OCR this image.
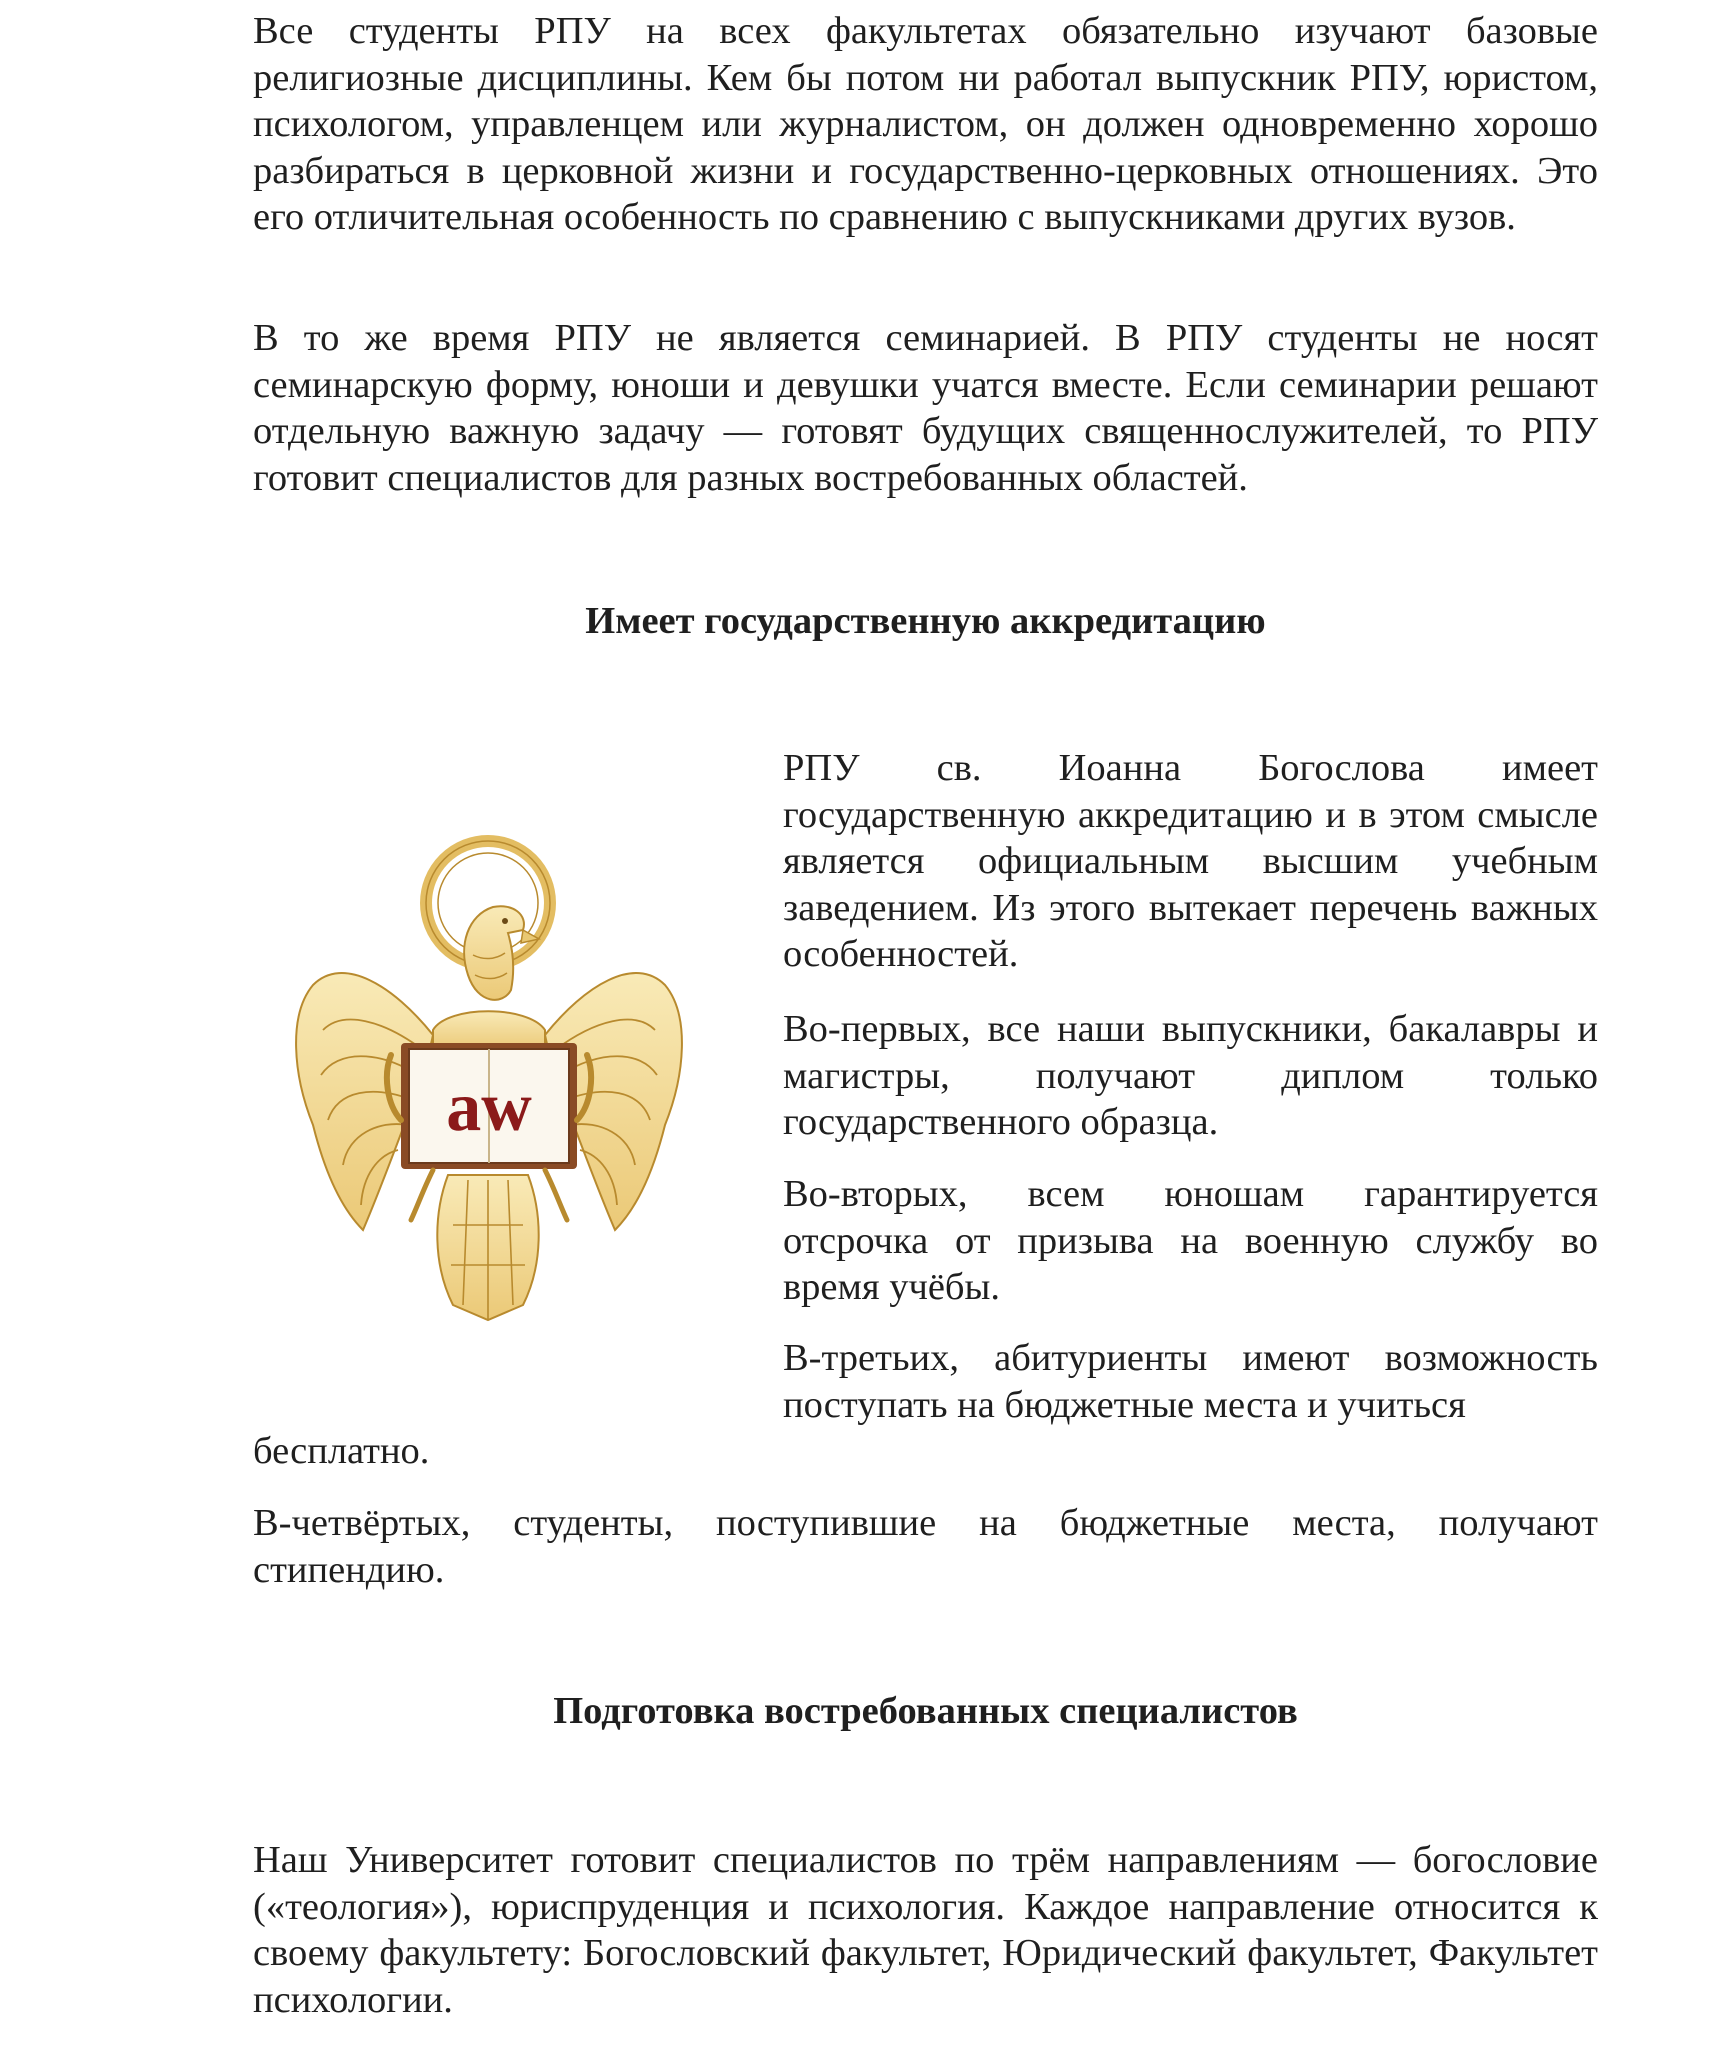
Все студенты РПУ на всех факультетах обязательно изучают базовые религиозные дисциплины. Кем бы потом ни работал выпускник РПУ, юристом, психологом, управленцем или журналистом, он должен одновременно хорошо разбираться в церковной жизни и государственно-церковных отношениях. Это его отличительная особенность по сравнению с выпускниками других вузов.

В то же время РПУ не является семинарией. В РПУ студенты не носят семинарскую форму, юноши и девушки учатся вместе. Если семинарии решают отдельную важную задачу — готовят будущих священнослужителей, то РПУ готовит специалистов для разных востребованных областей.

Имеет государственную аккредитацию
aw

РПУ св. Иоанна Богослова имеет государственную аккредитацию и в этом смысле является официальным высшим учебным заведением. Из этого вытекает перечень важных особенностей.

Во-первых, все наши выпускники, бакалавры и магистры, получают диплом только государственного образца.

Во-вторых, всем юношам гарантируется отсрочка от призыва на военную службу во время учёбы.

В-третьих, абитуриенты имеют возможность поступать на бюджетные места и учиться

бесплатно.

В-четвёртых, студенты, поступившие на бюджетные места, получают стипендию.

Подготовка востребованных специалистов

Наш Университет готовит специалистов по трём направлениям — богословие («теология»), юриспруденция и психология. Каждое направление относится к своему факультету: Богословский факультет, Юридический факультет, Факультет психологии.
